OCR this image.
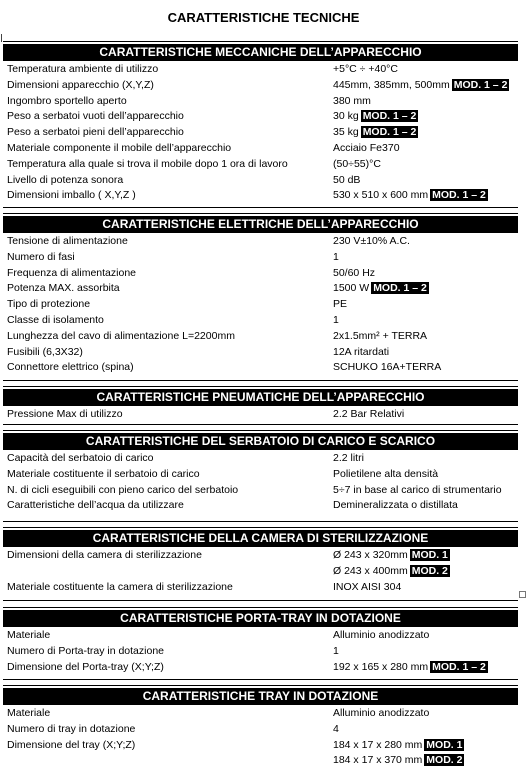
CARATTERISTICHE TECNICHE
CARATTERISTICHE MECCANICHE DELL’APPARECCHIO
Temperatura ambiente di utilizzo	+5°C ÷ +40°C
Dimensioni apparecchio (X,Y,Z)	445mm, 385mm, 500mm MOD. 1 – 2
Ingombro sportello aperto	380 mm
Peso a serbatoi vuoti dell’apparecchio	30 kg MOD. 1 – 2
Peso a serbatoi pieni dell’apparecchio	35 kg MOD. 1 – 2
Materiale componente il mobile dell’apparecchio	Acciaio Fe370
Temperatura alla quale si trova il mobile dopo 1 ora di lavoro	(50÷55)°C
Livello di potenza sonora	50 dB
Dimensioni imballo ( X,Y,Z )	530 x 510 x 600 mm MOD. 1 – 2
CARATTERISTICHE ELETTRICHE DELL’APPARECCHIO
Tensione di alimentazione	230 V±10% A.C.
Numero di fasi	1
Frequenza di alimentazione	50/60 Hz
Potenza MAX. assorbita	1500 W MOD. 1 – 2
Tipo di protezione	PE
Classe di isolamento	1
Lunghezza del cavo di alimentazione L=2200mm	2x1.5mm² + TERRA
Fusibili (6,3X32)	12A ritardati
Connettore elettrico (spina)	SCHUKO 16A+TERRA
CARATTERISTICHE PNEUMATICHE DELL’APPARECCHIO
Pressione Max di utilizzo	2.2 Bar Relativi
CARATTERISTICHE DEL SERBATOIO DI CARICO E SCARICO
Capacità del serbatoio di carico	2.2 litri
Materiale costituente il serbatoio di carico	Polietilene alta densità
N. di cicli eseguibili con pieno carico del serbatoio	5÷7 in base al carico di strumentario
Caratteristiche dell’acqua da utilizzare	Demineralizzata o distillata
CARATTERISTICHE DELLA CAMERA DI STERILIZZAZIONE
Dimensioni della camera di sterilizzazione	Ø 243 x 320mm MOD. 1
Ø 243 x 400mm MOD. 2
Materiale costituente la camera di sterilizzazione	INOX AISI 304
CARATTERISTICHE PORTA-TRAY IN DOTAZIONE
Materiale	Alluminio anodizzato
Numero di Porta-tray in dotazione	1
Dimensione del Porta-tray (X;Y;Z)	192 x 165 x 280 mm MOD. 1 – 2
CARATTERISTICHE TRAY IN DOTAZIONE
Materiale	Alluminio anodizzato
Numero di tray in dotazione	4
Dimensione del tray (X;Y;Z)	184 x 17 x 280 mm MOD. 1
184 x 17 x 370 mm MOD. 2
